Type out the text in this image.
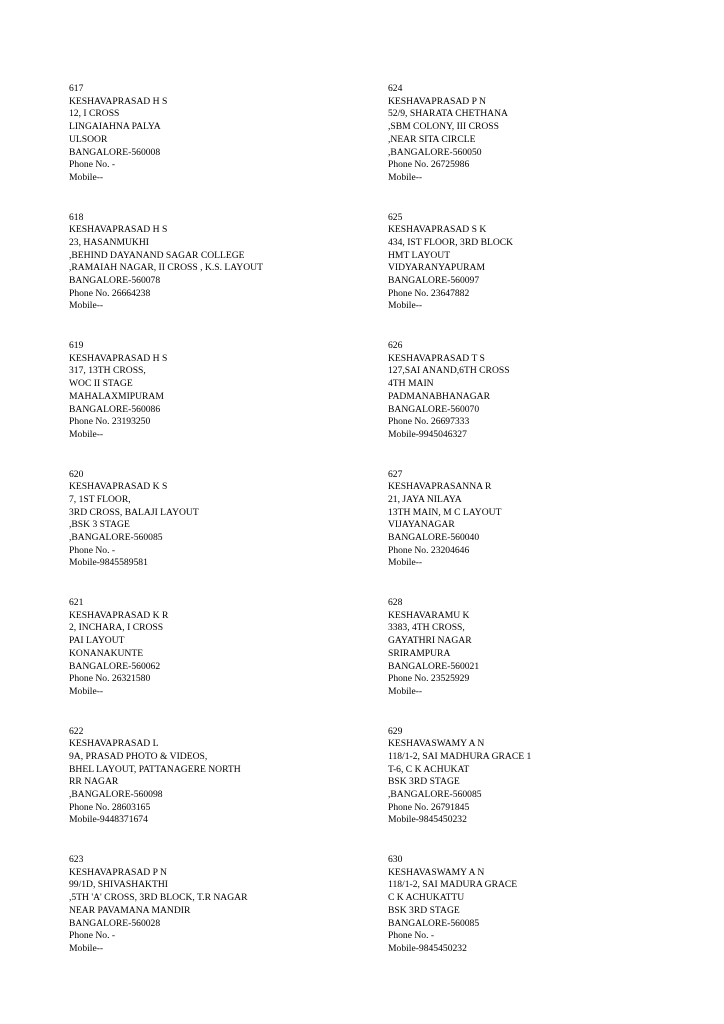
617
KESHAVAPRASAD H S
12, I CROSS
LINGAIAHNA PALYA
ULSOOR
BANGALORE-560008
Phone No. -
Mobile--
618
KESHAVAPRASAD H S
23, HASANMUKHI
,BEHIND DAYANAND SAGAR COLLEGE
,RAMAIAH NAGAR, II CROSS , K.S. LAYOUT
BANGALORE-560078
Phone No. 26664238
Mobile--
619
KESHAVAPRASAD H S
317, 13TH CROSS,
WOC II STAGE
MAHALAXMIPURAM
BANGALORE-560086
Phone No. 23193250
Mobile--
620
KESHAVAPRASAD K S
7, 1ST FLOOR,
3RD CROSS, BALAJI LAYOUT
,BSK 3 STAGE
,BANGALORE-560085
Phone No. -
Mobile-9845589581
621
KESHAVAPRASAD K R
2, INCHARA, I CROSS
PAI LAYOUT
KONANAKUNTE
BANGALORE-560062
Phone No. 26321580
Mobile--
622
KESHAVAPRASAD L
9A, PRASAD PHOTO & VIDEOS,
BHEL LAYOUT, PATTANAGERE NORTH
RR NAGAR
,BANGALORE-560098
Phone No. 28603165
Mobile-9448371674
623
KESHAVAPRASAD P N
99/1D, SHIVASHAKTHI
,5TH 'A' CROSS, 3RD BLOCK, T.R NAGAR
NEAR PAVAMANA MANDIR
BANGALORE-560028
Phone No. -
Mobile--
624
KESHAVAPRASAD P N
52/9, SHARATA CHETHANA
,SBM COLONY, III CROSS
,NEAR SITA CIRCLE
,BANGALORE-560050
Phone No. 26725986
Mobile--
625
KESHAVAPRASAD S K
434, IST FLOOR, 3RD BLOCK
HMT LAYOUT
VIDYARANYAPURAM
BANGALORE-560097
Phone No. 23647882
Mobile--
626
KESHAVAPRASAD T S
127,SAI ANAND,6TH CROSS
4TH MAIN
PADMANABHANAGAR
BANGALORE-560070
Phone No. 26697333
Mobile-9945046327
627
KESHAVAPRASANNA R
21, JAYA NILAYA
13TH MAIN, M C LAYOUT
VIJAYANAGAR
BANGALORE-560040
Phone No. 23204646
Mobile--
628
KESHAVARAMU K
3383, 4TH CROSS,
GAYATHRI NAGAR
SRIRAMPURA
BANGALORE-560021
Phone No. 23525929
Mobile--
629
KESHAVASWAMY A N
118/1-2, SAI MADHURA GRACE 1
T-6, C K ACHUKAT
BSK 3RD STAGE
,BANGALORE-560085
Phone No. 26791845
Mobile-9845450232
630
KESHAVASWAMY A N
118/1-2, SAI MADURA GRACE
C K ACHUKATTU
BSK 3RD STAGE
BANGALORE-560085
Phone No. -
Mobile-9845450232
